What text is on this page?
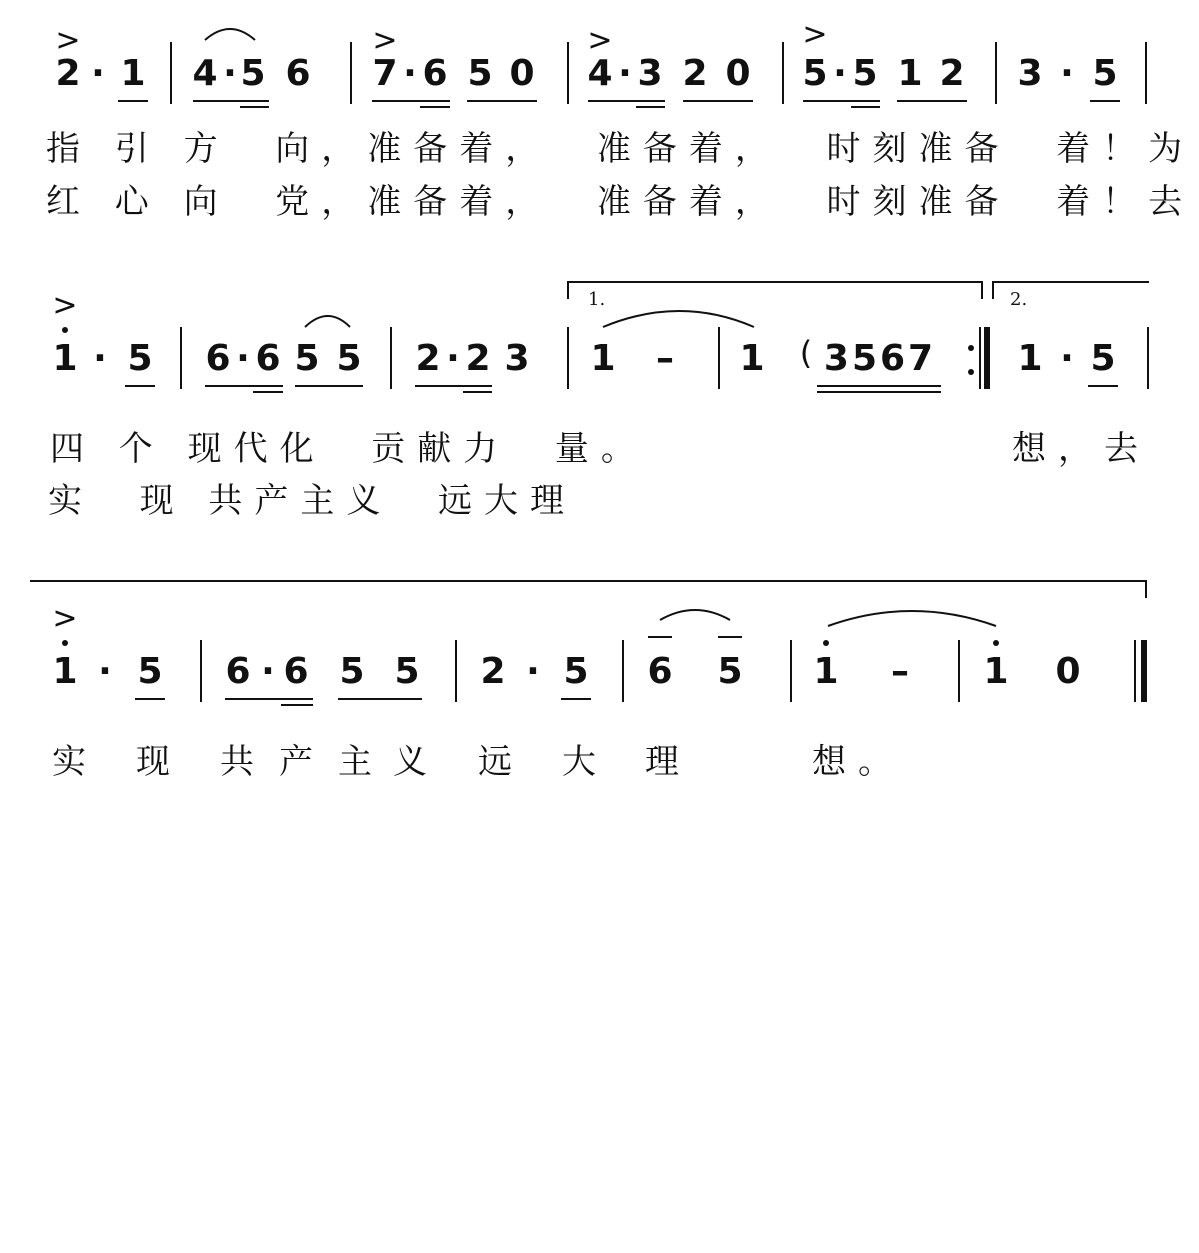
>	>	>	>
2 · 1 4 · 5 6 7 · 6 5 0 4 · 3 2 0 5 · 5 1 2 3 · 5
指 引 方  向，准备着，  准备着，  时刻准备  着！为
红 心 向  党，准备着，  准备着，  时刻准备  着！去
>	1.	2.
1 · 5 6 · 6 5 5 2 · 2 3 1 – 1 ( 3567 1 · 5
四 个 现代化  贡献力  量。	想，去
实  现 共产主义  远大理
>
1 · 5 6 · 6 5 5 2 · 5 6 5 1 – 1 0
实 现 共 产 主 义 远 大 理	想。
